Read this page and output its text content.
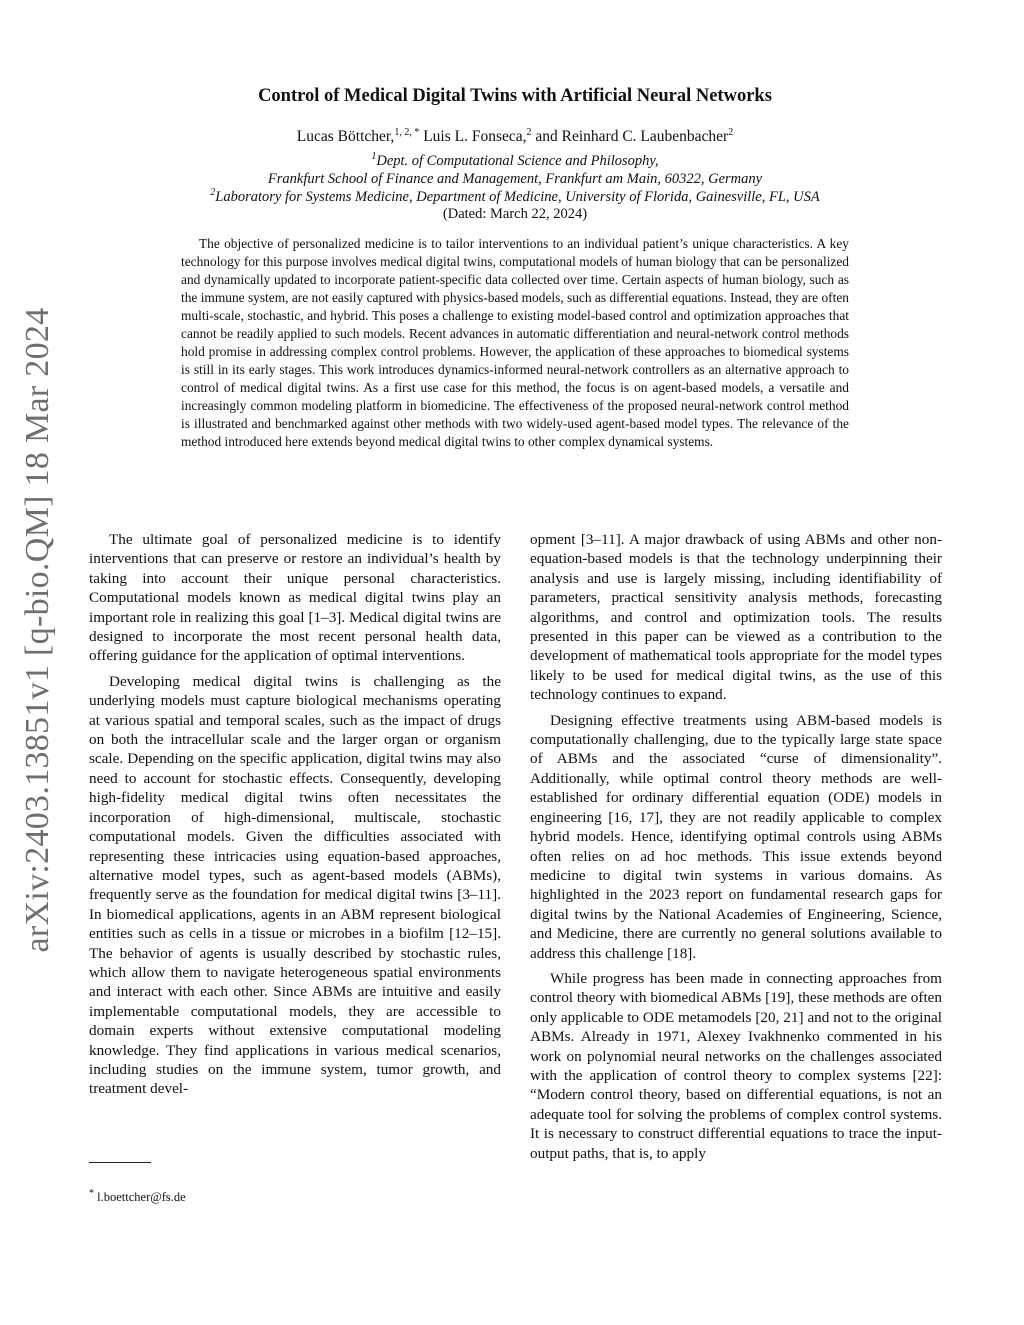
arXiv:2403.13851v1 [q-bio.QM] 18 Mar 2024
Control of Medical Digital Twins with Artificial Neural Networks
Lucas Böttcher,$^{1, 2, *}$ Luis L. Fonseca,$^2$ and Reinhard C. Laubenbacher$^2$
$^1$Dept. of Computational Science and Philosophy,
Frankfurt School of Finance and Management, Frankfurt am Main, 60322, Germany
$^2$Laboratory for Systems Medicine, Department of Medicine, University of Florida, Gainesville, FL, USA
(Dated: March 22, 2024)

The objective of personalized medicine is to tailor interventions to an individual patient’s unique characteristics. A key technology for this purpose involves medical digital twins, computational models of human biology that can be personalized and dynamically updated to incorporate patient-specific data collected over time. Certain aspects of human biology, such as the immune system, are not easily captured with physics-based models, such as differential equations. Instead, they are often multi-scale, stochastic, and hybrid. This poses a challenge to existing model-based control and optimization approaches that cannot be readily applied to such models. Recent advances in automatic differentiation and neural-network control methods hold promise in addressing complex control problems. However, the application of these approaches to biomedical systems is still in its early stages. This work introduces dynamics-informed neural-network controllers as an alternative approach to control of medical digital twins. As a first use case for this method, the focus is on agent-based models, a versatile and increasingly common modeling platform in biomedicine. The effectiveness of the proposed neural-network control method is illustrated and benchmarked against other methods with two widely-used agent-based model types. The relevance of the method introduced here extends beyond medical digital twins to other complex dynamical systems.

The ultimate goal of personalized medicine is to identify interventions that can preserve or restore an individual’s health by taking into account their unique personal characteristics. Computational models known as medical digital twins play an important role in realizing this goal [1–3]. Medical digital twins are designed to incorporate the most recent personal health data, offering guidance for the application of optimal interventions.

Developing medical digital twins is challenging as the underlying models must capture biological mechanisms operating at various spatial and temporal scales, such as the impact of drugs on both the intracellular scale and the larger organ or organism scale. Depending on the specific application, digital twins may also need to account for stochastic effects. Consequently, developing high-fidelity medical digital twins often necessitates the incorporation of high-dimensional, multiscale, stochastic computational models. Given the difficulties associated with representing these intricacies using equation-based approaches, alternative model types, such as agent-based models (ABMs), frequently serve as the foundation for medical digital twins [3–11]. In biomedical applications, agents in an ABM represent biological entities such as cells in a tissue or microbes in a biofilm [12–15]. The behavior of agents is usually described by stochastic rules, which allow them to navigate heterogeneous spatial environments and interact with each other. Since ABMs are intuitive and easily implementable computational models, they are accessible to domain experts without extensive computational modeling knowledge. They find applications in various medical scenarios, including studies on the immune system, tumor growth, and treatment devel-

opment [3–11]. A major drawback of using ABMs and other non-equation-based models is that the technology underpinning their analysis and use is largely missing, including identifiability of parameters, practical sensitivity analysis methods, forecasting algorithms, and control and optimization tools. The results presented in this paper can be viewed as a contribution to the development of mathematical tools appropriate for the model types likely to be used for medical digital twins, as the use of this technology continues to expand.

Designing effective treatments using ABM-based models is computationally challenging, due to the typically large state space of ABMs and the associated “curse of dimensionality”. Additionally, while optimal control theory methods are well-established for ordinary differential equation (ODE) models in engineering [16, 17], they are not readily applicable to complex hybrid models. Hence, identifying optimal controls using ABMs often relies on ad hoc methods. This issue extends beyond medicine to digital twin systems in various domains. As highlighted in the 2023 report on fundamental research gaps for digital twins by the National Academies of Engineering, Science, and Medicine, there are currently no general solutions available to address this challenge [18].

While progress has been made in connecting approaches from control theory with biomedical ABMs [19], these methods are often only applicable to ODE metamodels [20, 21] and not to the original ABMs. Already in 1971, Alexey Ivakhnenko commented in his work on polynomial neural networks on the challenges associated with the application of control theory to complex systems [22]: “Modern control theory, based on differential equations, is not an adequate tool for solving the problems of complex control systems. It is necessary to construct differential equations to trace the input-output paths, that is, to apply

* l.boettcher@fs.de
